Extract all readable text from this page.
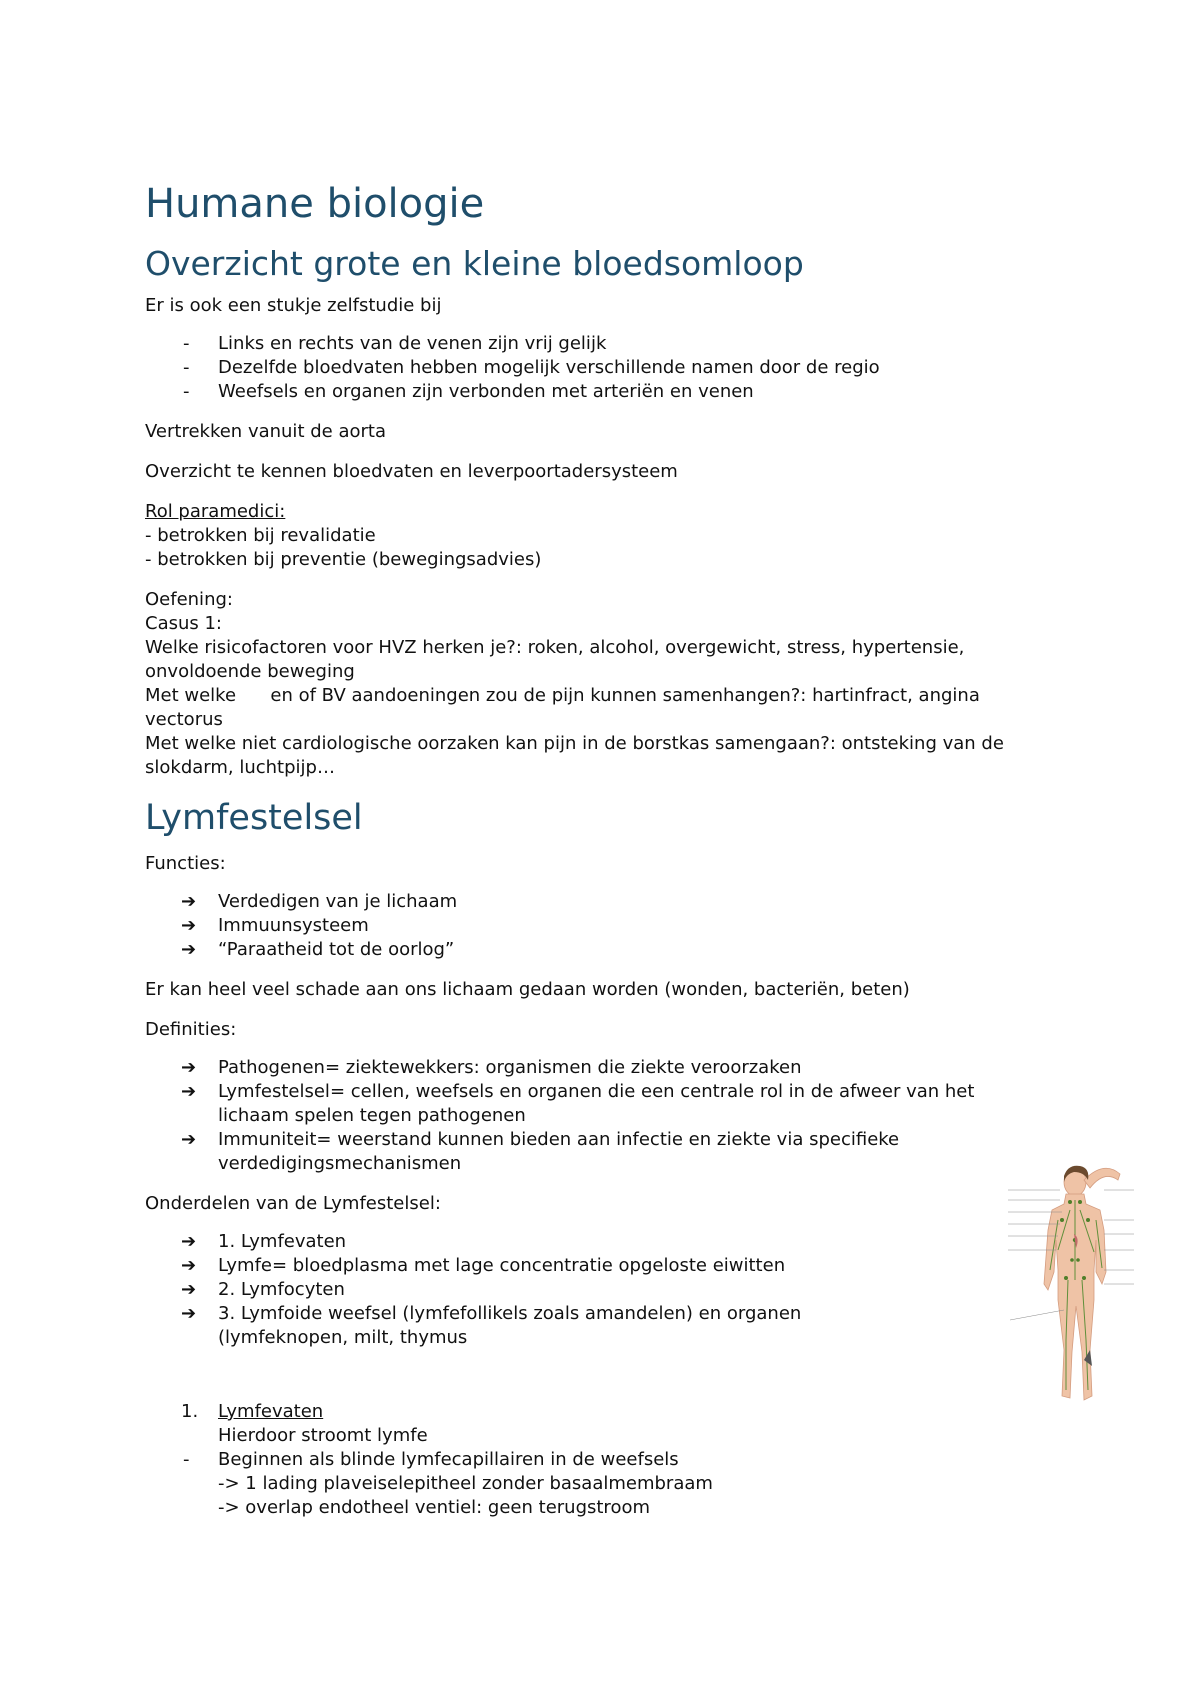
Humane biologie
Overzicht grote en kleine bloedsomloop

Er is ook een stukje zelfstudie bij

- Links en rechts van de venen zijn vrij gelijk
- Dezelfde bloedvaten hebben mogelijk verschillende namen door de regio
- Weefsels en organen zijn verbonden met arteriën en venen

Vertrekken vanuit de aorta

Overzicht te kennen bloedvaten en leverpoortadersysteem

Rol paramedici:

- betrokken bij revalidatie

- betrokken bij preventie (bewegingsadvies)

Oefening:

Casus 1:

Welke risicofactoren voor HVZ herken je?: roken, alcohol, overgewicht, stress, hypertensie, onvoldoende beweging

Met welke      en of BV aandoeningen zou de pijn kunnen samenhangen?: hartinfract, angina vectorus

Met welke niet cardiologische oorzaken kan pijn in de borstkas samengaan?: ontsteking van de slokdarm, luchtpijp…

Lymfestelsel

Functies:

➔ Verdedigen van je lichaam
➔ Immuunsysteem
➔ “Paraatheid tot de oorlog”

Er kan heel veel schade aan ons lichaam gedaan worden (wonden, bacteriën, beten)

Definities:

➔ Pathogenen= ziektewekkers: organismen die ziekte veroorzaken
➔ Lymfestelsel= cellen, weefsels en organen die een centrale rol in de afweer van het lichaam spelen tegen pathogenen
➔ Immuniteit= weerstand kunnen bieden aan infectie en ziekte via specifieke verdedigingsmechanismen

Onderdelen van de Lymfestelsel:

➔ 1. Lymfevaten
➔ Lymfe= bloedplasma met lage concentratie opgeloste eiwitten
➔ 2. Lymfocyten
➔ 3. Lymfoide weefsel (lymfefollikels zoals amandelen) en organen (lymfeknopen, milt, thymus
1. Lymfevaten
Hierdoor stroomt lymfe
- Beginnen als blinde lymfecapillairen in de weefsels
-> 1 lading plaveiselepitheel zonder basaalmembraam
-> overlap endotheel ventiel: geen terugstroom
